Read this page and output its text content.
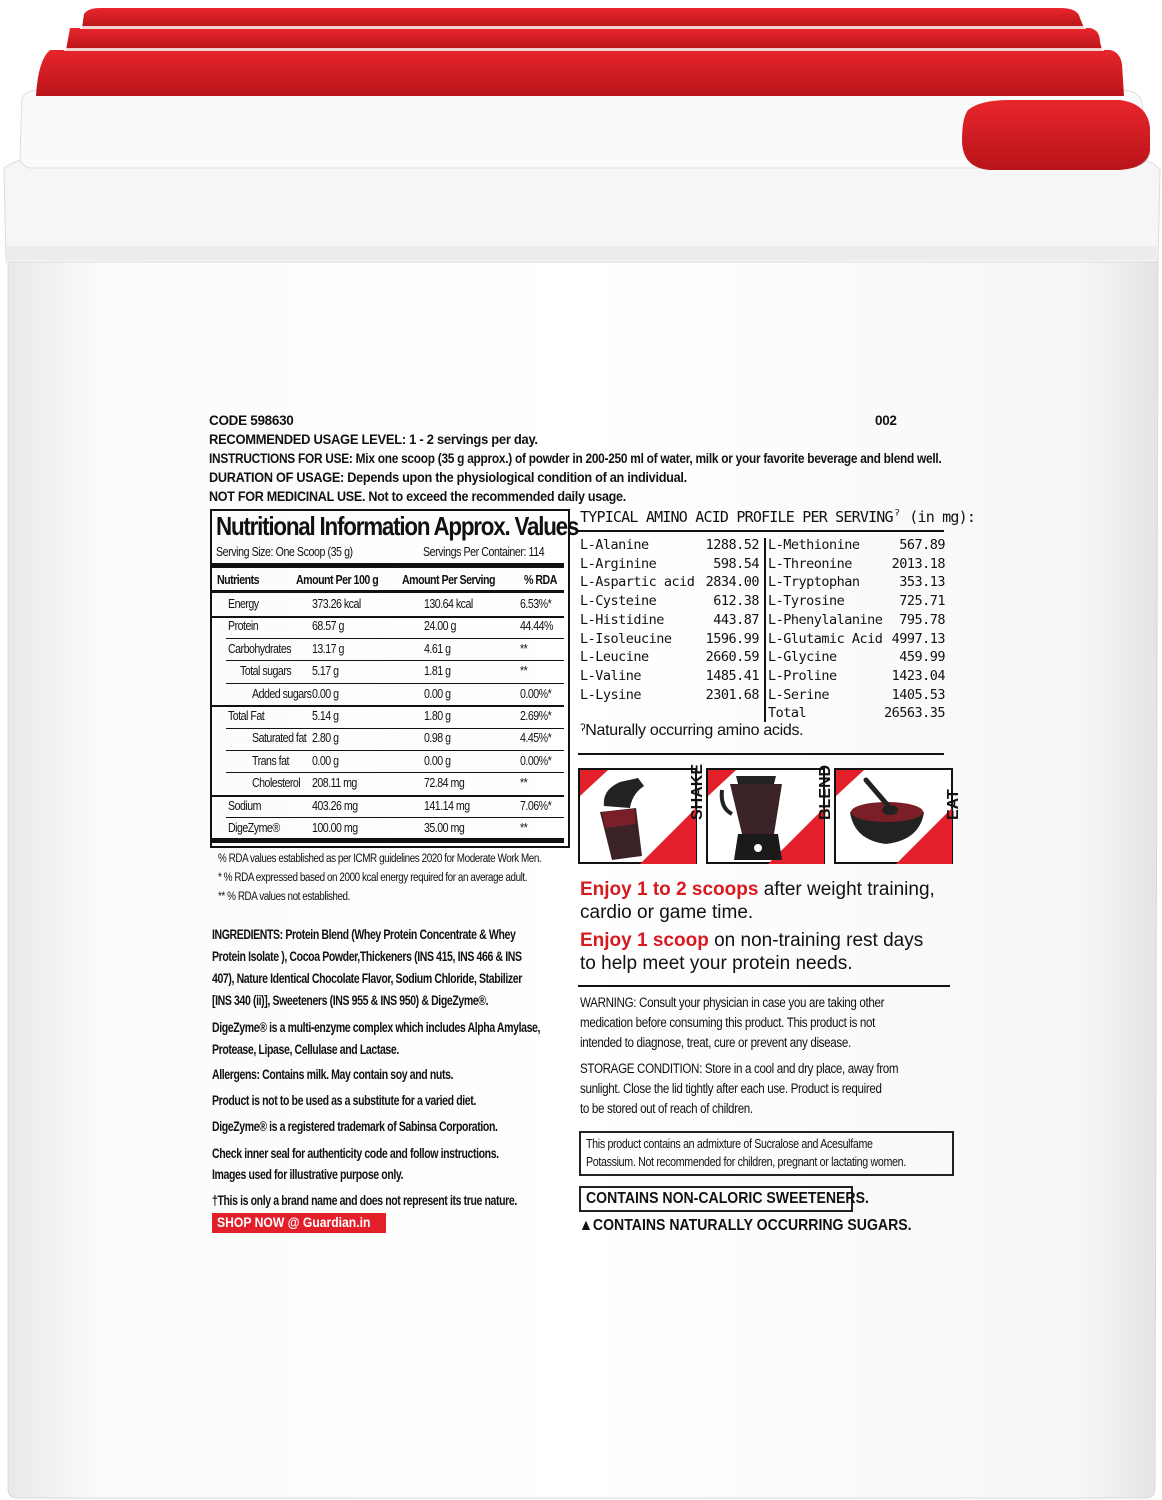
CODE 598630	002
RECOMMENDED USAGE LEVEL: 1 - 2 servings per day.
INSTRUCTIONS FOR USE: Mix one scoop (35 g approx.) of powder in 200-250 ml of water, milk or your favorite beverage and blend well.
DURATION OF USAGE: Depends upon the physiological condition of an individual.
NOT FOR MEDICINAL USE. Not to exceed the recommended daily usage.
Nutritional Information Approx. Values
Serving Size: One Scoop (35 g)	Servings Per Container: 114
Nutrients	Amount Per 100 g Amount Per Serving % RDA
Energy	373.26 kcal	130.64 kcal	6.53%*
Protein	68.57 g	24.00 g	44.44%
Carbohydrates 13.17 g	4.61 g	**
Total sugars 5.17 g	1.81 g	**
Added sugars 0.00 g	0.00 g	0.00%*
Total Fat	5.14 g	1.80 g	2.69%*
Saturated fat 2.80 g	0.98 g	4.45%*
Trans fat 0.00 g	0.00 g	0.00%*
Cholesterol 208.11 mg	72.84 mg	**
Sodium	403.26 mg	141.14 mg	7.06%*
DigeZyme®	100.00 mg	35.00 mg	**
% RDA values established as per ICMR guidelines 2020 for Moderate Work Men.
* % RDA expressed based on 2000 kcal energy required for an average adult.
** % RDA values not established.
INGREDIENTS: Protein Blend (Whey Protein Concentrate & Whey
Protein Isolate ), Cocoa Powder,Thickeners (INS 415, INS 466 & INS
407), Nature Identical Chocolate Flavor, Sodium Chloride, Stabilizer
[INS 340 (ii)], Sweeteners (INS 955 & INS 950) & DigeZyme®.
DigeZyme® is a multi-enzyme complex which includes Alpha Amylase,
Protease, Lipase, Cellulase and Lactase.
Allergens: Contains milk. May contain soy and nuts.
Product is not to be used as a substitute for a varied diet.
DigeZyme® is a registered trademark of Sabinsa Corporation.
Check inner seal for authenticity code and follow instructions.
Images used for illustrative purpose only.
†This is only a brand name and does not represent its true nature.
SHOP NOW @ Guardian.in
TYPICAL AMINO ACID PROFILE PER SERVINGˀ (in mg):
L-Alanine	1288.52
L-Arginine	598.54
L-Aspartic acid 2834.00
L-Cysteine	612.38
L-Histidine	443.87
L-Isoleucine	1596.99
L-Leucine	2660.59
L-Valine	1485.41
L-Lysine	2301.68
L-Methionine	567.89
L-Threonine	2013.18
L-Tryptophan	353.13
L-Tyrosine	725.71
L-Phenylalanine 795.78
L-Glutamic Acid 4997.13
L-Glycine	459.99
L-Proline	1423.04
L-Serine	1405.53
Total	26563.35
ˀNaturally occurring amino acids.
SHAKE	BLEND	EAT
Enjoy 1 to 2 scoops after weight training,
cardio or game time.
Enjoy 1 scoop on non-training rest days
to help meet your protein needs.
WARNING: Consult your physician in case you are taking other
medication before consuming this product. This product is not
intended to diagnose, treat, cure or prevent any disease.
STORAGE CONDITION: Store in a cool and dry place, away from
sunlight. Close the lid tightly after each use. Product is required
to be stored out of reach of children.
This product contains an admixture of Sucralose and Acesulfame
Potassium. Not recommended for children, pregnant or lactating women.
CONTAINS NON-CALORIC SWEETENERS.
▲CONTAINS NATURALLY OCCURRING SUGARS.
